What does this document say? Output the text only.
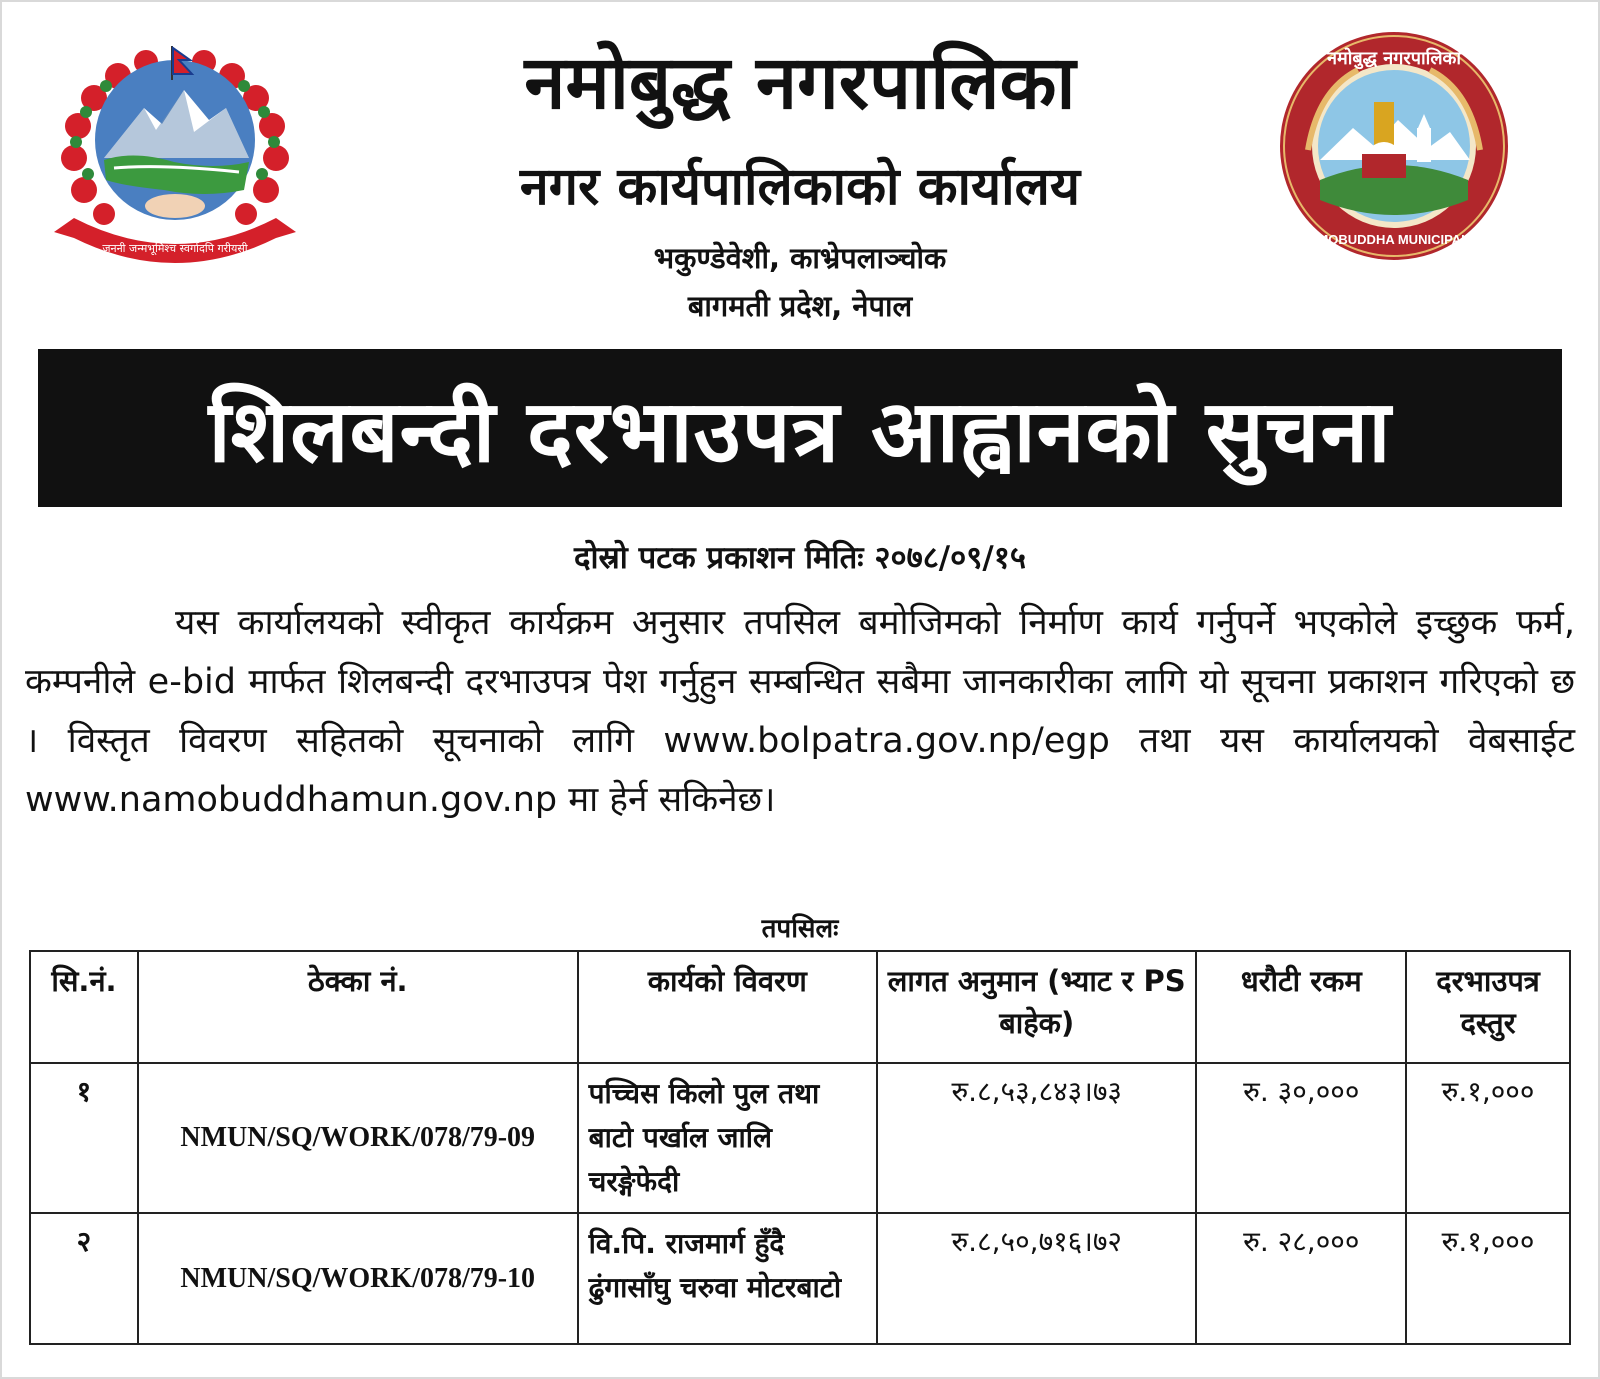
जननी जन्मभूमिश्च स्वर्गादपि गरीयसी
नमोबुद्ध नगरपालिका
NAMOBUDDHA MUNICIPALITY
नमोबुद्ध नगरपालिका
नगर कार्यपालिकाको कार्यालय
भकुण्डेवेशी, काभ्रेपलाञ्चोक
बागमती प्रदेश, नेपाल
शिलबन्दी दरभाउपत्र आह्वानको सुचना
दोस्रो पटक प्रकाशन मितिः २०७८/०९/१५
यस कार्यालयको स्वीकृत कार्यक्रम अनुसार तपसिल बमोजिमको निर्माण कार्य गर्नुपर्ने भएकोले इच्छुक फर्म, कम्पनीले e-bid मार्फत शिलबन्दी दरभाउपत्र पेश गर्नुहुन सम्बन्धित सबैमा जानकारीका लागि यो सूचना प्रकाशन गरिएको छ । विस्तृत विवरण सहितको सूचनाको लागि www.bolpatra.gov.np/egp तथा यस कार्यालयको वेबसाईट www.namobuddhamun.gov.np मा हेर्न सकिनेछ।
तपसिलः
सि.नं.	ठेक्का नं.	कार्यको विवरण	लागत अनुमान (भ्याट र PS बाहेक)	धरौटी रकम	दरभाउपत्र दस्तुर
१	NMUN/SQ/WORK/078/79-09	पच्चिस किलो पुल तथा बाटो पर्खाल जालि चरङ्गेफेदी	रु.८,५३,८४३।७३	रु. ३०,०००	रु.१,०००
२	NMUN/SQ/WORK/078/79-10	वि.पि. राजमार्ग हुँदै ढुंगासाँघु चरुवा मोटरबाटो	रु.८,५०,७१६।७२	रु. २८,०००	रु.१,०००
